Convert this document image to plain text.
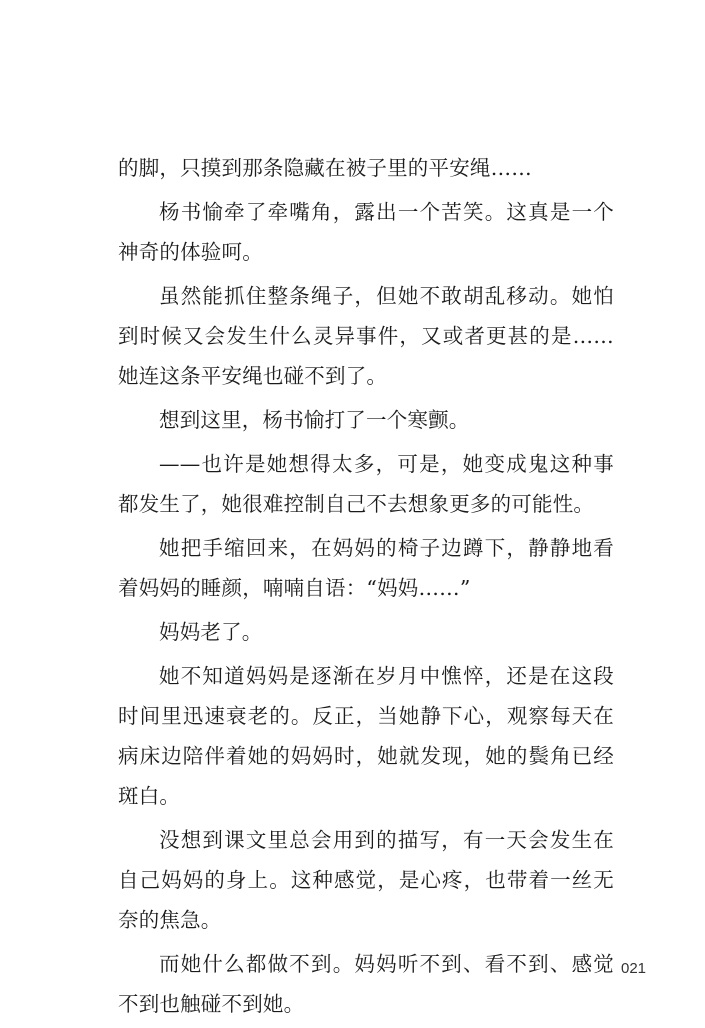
的脚，只摸到那条隐藏在被子里的平安绳……

杨书愉牵了牵嘴角，露出一个苦笑。这真是一个神奇的体验呵。

虽然能抓住整条绳子，但她不敢胡乱移动。她怕到时候又会发生什么灵异事件，又或者更甚的是……她连这条平安绳也碰不到了。

想到这里，杨书愉打了一个寒颤。

——也许是她想得太多，可是，她变成鬼这种事都发生了，她很难控制自己不去想象更多的可能性。

她把手缩回来，在妈妈的椅子边蹲下，静静地看着妈妈的睡颜，喃喃自语：“妈妈……”

妈妈老了。

她不知道妈妈是逐渐在岁月中憔悴，还是在这段时间里迅速衰老的。反正，当她静下心，观察每天在病床边陪伴着她的妈妈时，她就发现，她的鬓角已经斑白。

没想到课文里总会用到的描写，有一天会发生在自己妈妈的身上。这种感觉，是心疼，也带着一丝无奈的焦急。

而她什么都做不到。妈妈听不到、看不到、感觉不到也触碰不到她。

021
